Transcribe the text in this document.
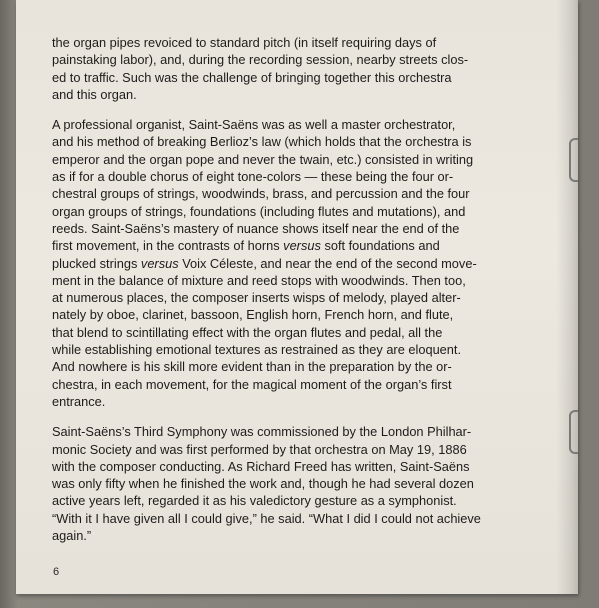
the organ pipes revoiced to standard pitch (in itself requiring days of
painstaking labor), and, during the recording session, nearby streets clos-
ed to traffic. Such was the challenge of bringing together this orchestra
and this organ.
A professional organist, Saint-Saëns was as well a master orchestrator,
and his method of breaking Berlioz’s law (which holds that the orchestra is
emperor and the organ pope and never the twain, etc.) consisted in writing
as if for a double chorus of eight tone-colors — these being the four or-
chestral groups of strings, woodwinds, brass, and percussion and the four
organ groups of strings, foundations (including flutes and mutations), and
reeds. Saint-Saëns’s mastery of nuance shows itself near the end of the
first movement, in the contrasts of horns versus soft foundations and
plucked strings versus Voix Céleste, and near the end of the second move-
ment in the balance of mixture and reed stops with woodwinds. Then too,
at numerous places, the composer inserts wisps of melody, played alter-
nately by oboe, clarinet, bassoon, English horn, French horn, and flute,
that blend to scintillating effect with the organ flutes and pedal, all the
while establishing emotional textures as restrained as they are eloquent.
And nowhere is his skill more evident than in the preparation by the or-
chestra, in each movement, for the magical moment of the organ’s first
entrance.
Saint-Saëns’s Third Symphony was commissioned by the London Philhar-
monic Society and was first performed by that orchestra on May 19, 1886
with the composer conducting. As Richard Freed has written, Saint-Saëns
was only fifty when he finished the work and, though he had several dozen
active years left, regarded it as his valedictory gesture as a symphonist.
“With it I have given all I could give,” he said. “What I did I could not achieve
again.”
6
